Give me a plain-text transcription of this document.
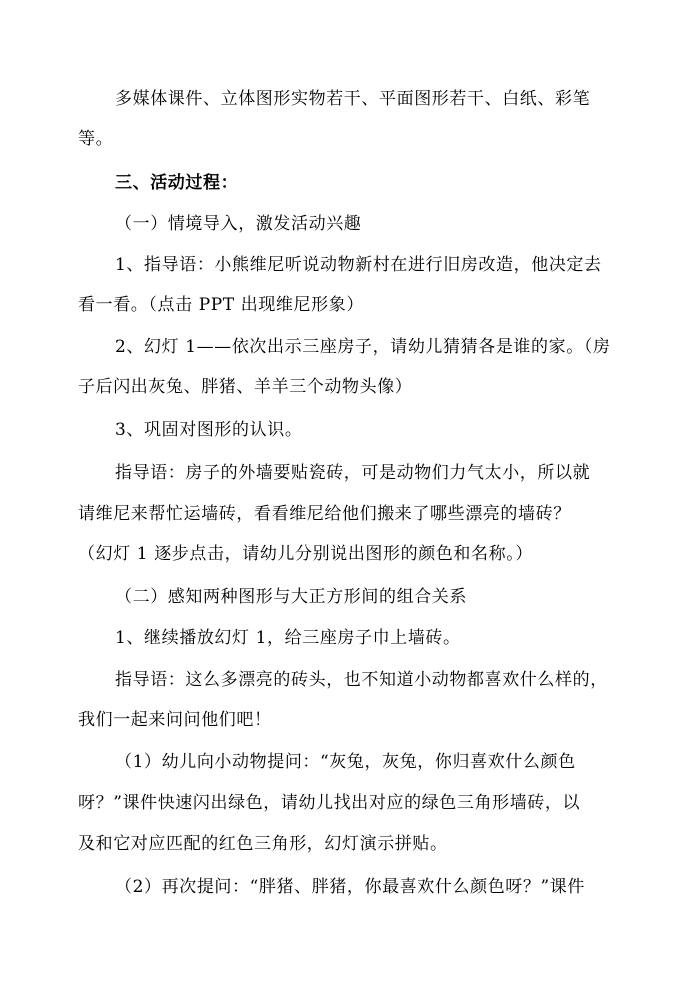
多媒体课件、立体图形实物若干、平面图形若干、白纸、彩笔
等。
三、活动过程：
（一）情境导入，激发活动兴趣
1、指导语：小熊维尼听说动物新村在进行旧房改造，他决定去
看一看。（点击 PPT 出现维尼形象）
2、幻灯 1——依次出示三座房子，请幼儿猜猜各是谁的家。（房
子后闪出灰兔、胖猪、羊羊三个动物头像）
3、巩固对图形的认识。
指导语：房子的外墙要贴瓷砖，可是动物们力气太小，所以就
请维尼来帮忙运墙砖，看看维尼给他们搬来了哪些漂亮的墙砖？
（幻灯 1 逐步点击，请幼儿分别说出图形的颜色和名称。）
（二）感知两种图形与大正方形间的组合关系
1、继续播放幻灯 1，给三座房子巾上墙砖。
指导语：这么多漂亮的砖头，也不知道小动物都喜欢什么样的，
我们一起来问问他们吧！
（1）幼儿向小动物提问：“灰兔，灰兔，你归喜欢什么颜色
呀？”课件快速闪出绿色，请幼儿找出对应的绿色三角形墙砖，以
及和它对应匹配的红色三角形，幻灯演示拼贴。
（2）再次提问：“胖猪、胖猪，你最喜欢什么颜色呀？”课件
